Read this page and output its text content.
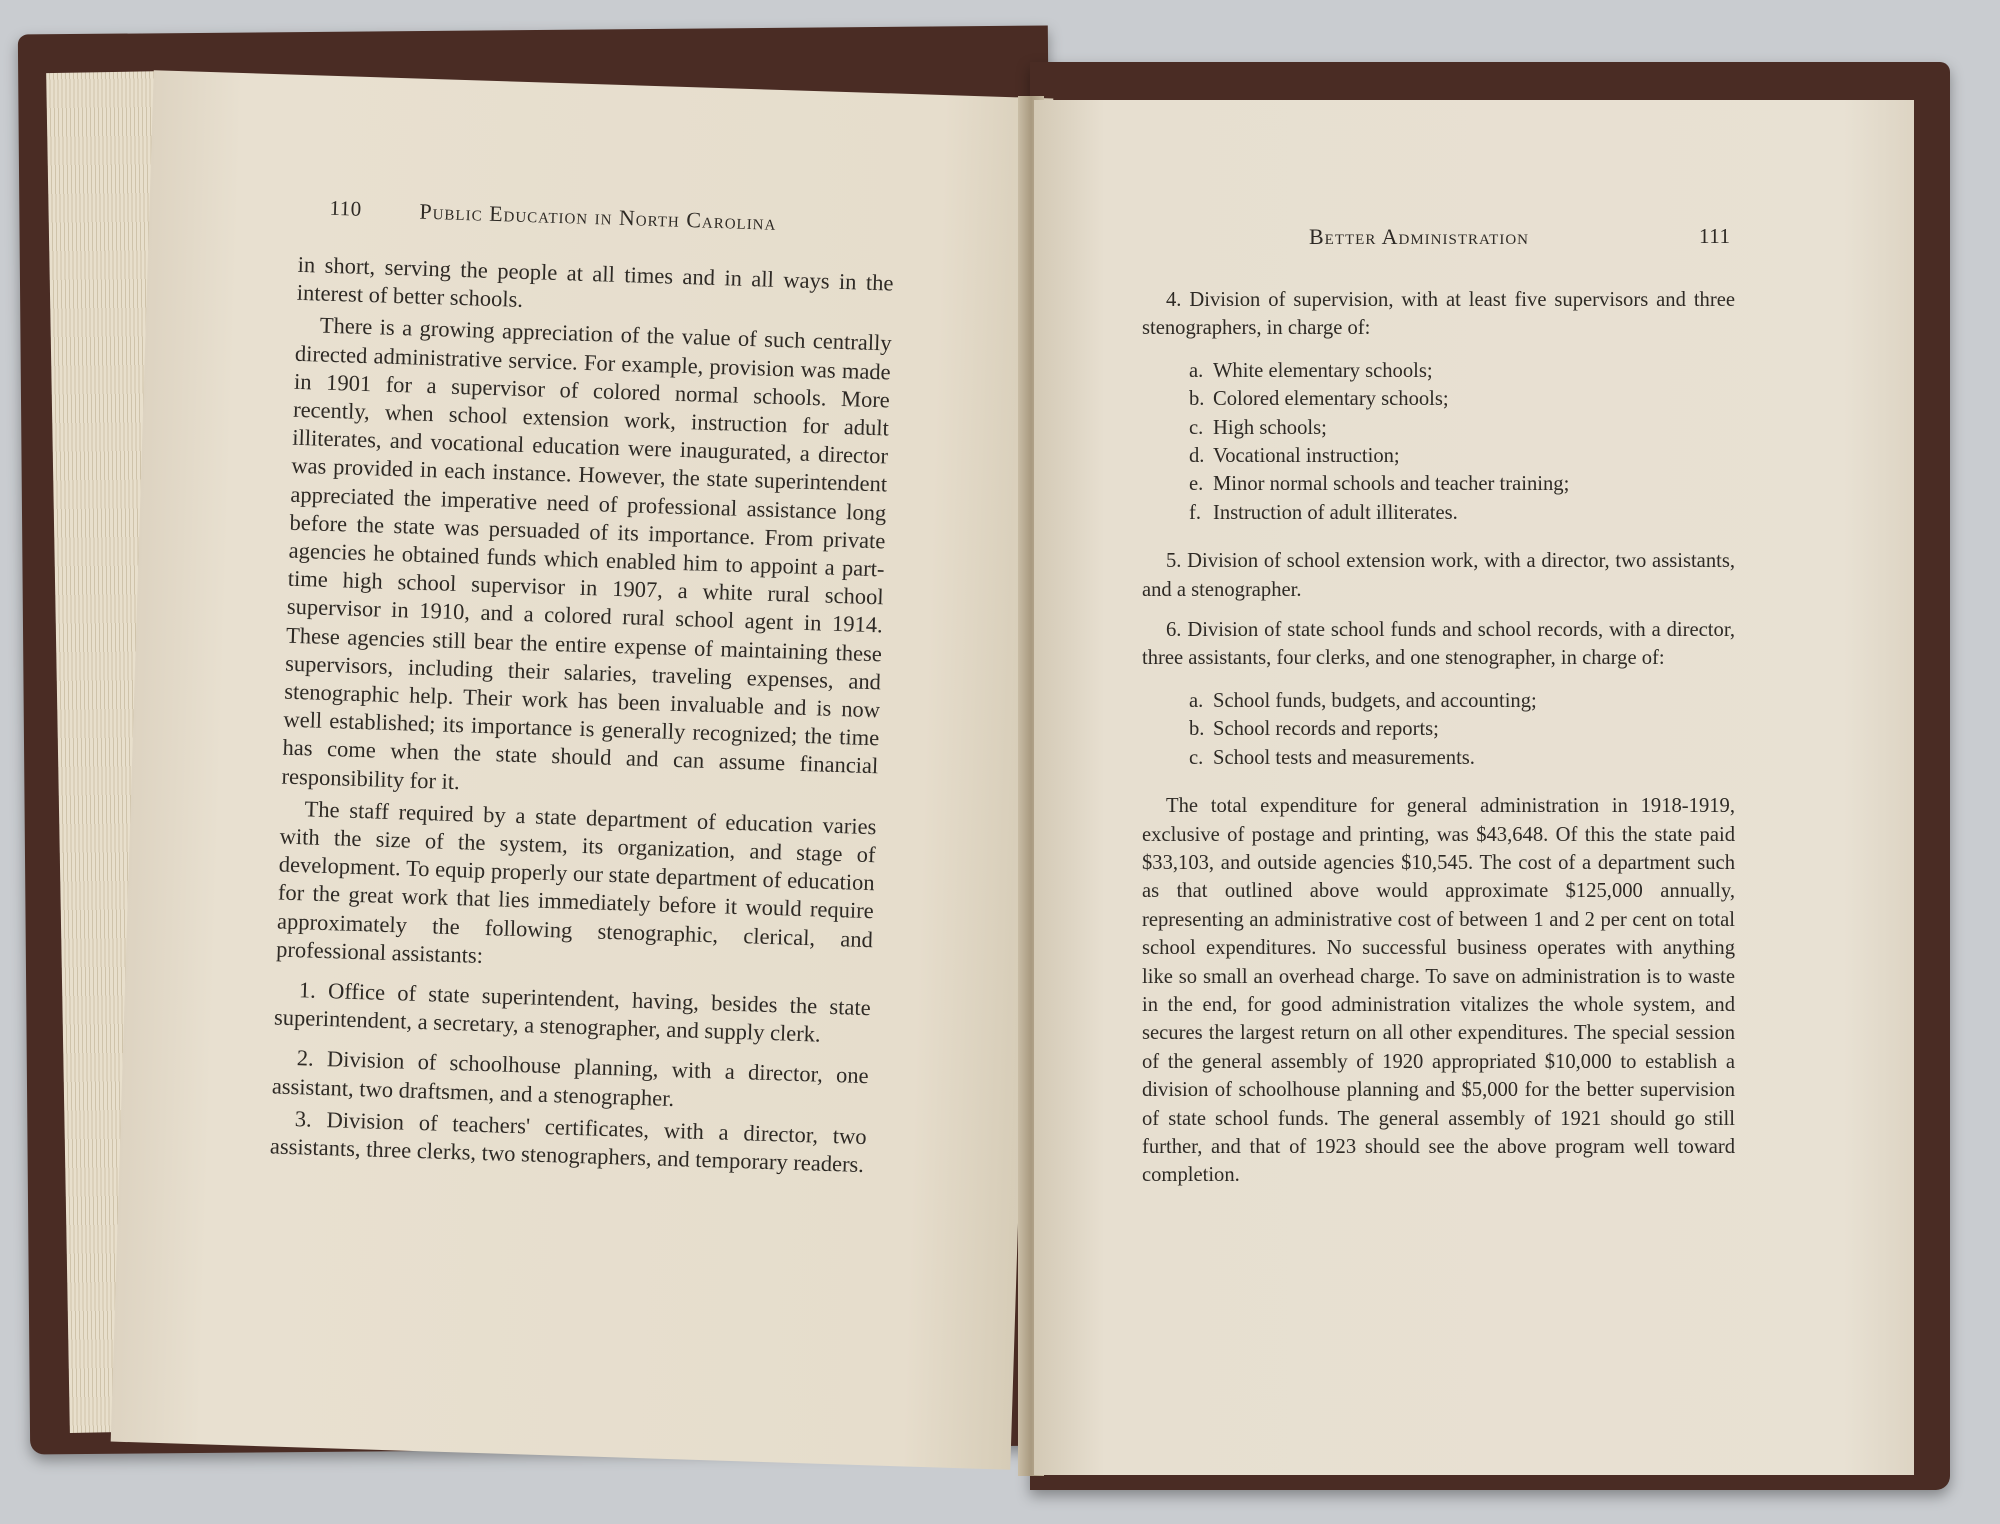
110	Public Education in North Carolina

in short, serving the people at all times and in all ways in the interest of better schools.

There is a growing appreciation of the value of such centrally directed administrative service. For example, provision was made in 1901 for a supervisor of colored normal schools. More recently, when school extension work, instruction for adult illiterates, and vocational education were inaugurated, a director was provided in each instance. However, the state superintendent appreciated the imperative need of professional assistance long before the state was persuaded of its importance. From private agencies he obtained funds which enabled him to appoint a part-time high school supervisor in 1907, a white rural school supervisor in 1910, and a colored rural school agent in 1914. These agencies still bear the entire expense of maintaining these supervisors, including their salaries, traveling expenses, and stenographic help. Their work has been invaluable and is now well established; its importance is generally recognized; the time has come when the state should and can assume financial responsibility for it.

The staff required by a state department of education varies with the size of the system, its organization, and stage of development. To equip properly our state department of education for the great work that lies immediately before it would require approximately the following stenographic, clerical, and professional assistants:

1. Office of state superintendent, having, besides the state superintendent, a secretary, a stenographer, and supply clerk.

2. Division of schoolhouse planning, with a director, one assistant, two draftsmen, and a stenographer.

3. Division of teachers' certificates, with a director, two assistants, three clerks, two stenographers, and temporary readers.

Better Administration	111

4. Division of supervision, with at least five supervisors and three stenographers, in charge of:

a. White elementary schools;
b. Colored elementary schools;
c. High schools;
d. Vocational instruction;
e. Minor normal schools and teacher training;
f. Instruction of adult illiterates.

5. Division of school extension work, with a director, two assistants, and a stenographer.

6. Division of state school funds and school records, with a director, three assistants, four clerks, and one stenographer, in charge of:

a. School funds, budgets, and accounting;
b. School records and reports;
c. School tests and measurements.

The total expenditure for general administration in 1918-1919, exclusive of postage and printing, was $43,648. Of this the state paid $33,103, and outside agencies $10,545. The cost of a department such as that outlined above would approximate $125,000 annually, representing an administrative cost of between 1 and 2 per cent on total school expenditures. No successful business operates with anything like so small an overhead charge. To save on administration is to waste in the end, for good administration vitalizes the whole system, and secures the largest return on all other expenditures. The special session of the general assembly of 1920 appropriated $10,000 to establish a division of schoolhouse planning and $5,000 for the better supervision of state school funds. The general assembly of 1921 should go still further, and that of 1923 should see the above program well toward completion.
